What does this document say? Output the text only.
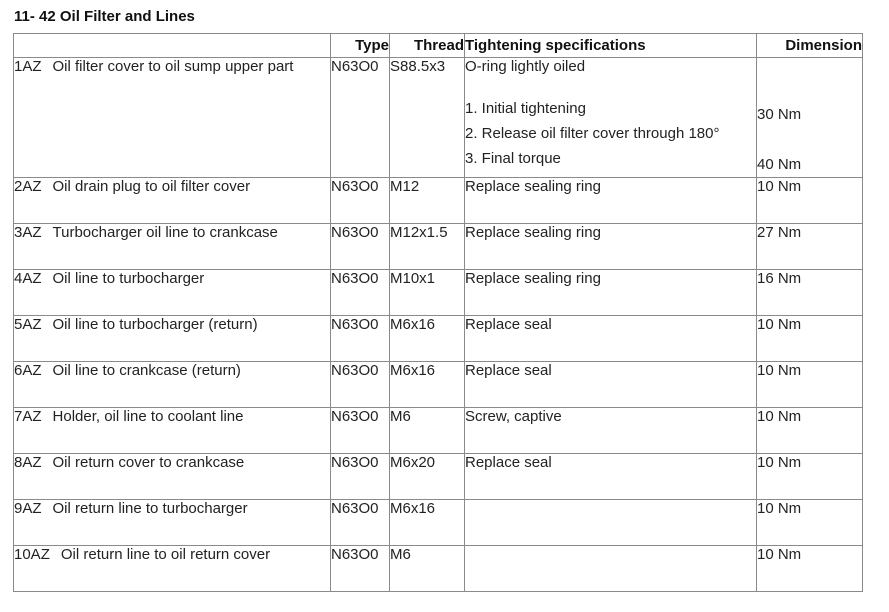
11- 42 Oil Filter and Lines
	Type	Thread	Tightening specifications	Dimension
1AZ Oil filter cover to oil sump upper part	N63O0	S88.5x3	O-ring lightly oiled
1. Initial tightening
2. Release oil filter cover through 180°
3. Final torque	30 Nm
40 Nm

2AZ Oil drain plug to oil filter cover	N63O0	M12	Replace sealing ring	10 Nm
3AZ Turbocharger oil line to crankcase	N63O0	M12x1.5	Replace sealing ring	27 Nm
4AZ Oil line to turbocharger	N63O0	M10x1	Replace sealing ring	16 Nm
5AZ Oil line to turbocharger (return)	N63O0	M6x16	Replace seal	10 Nm
6AZ Oil line to crankcase (return)	N63O0	M6x16	Replace seal	10 Nm
7AZ Holder, oil line to coolant line	N63O0	M6	Screw, captive	10 Nm
8AZ Oil return cover to crankcase	N63O0	M6x20	Replace seal	10 Nm
9AZ Oil return line to turbocharger	N63O0	M6x16		10 Nm
10AZ Oil return line to oil return cover	N63O0	M6		10 Nm
